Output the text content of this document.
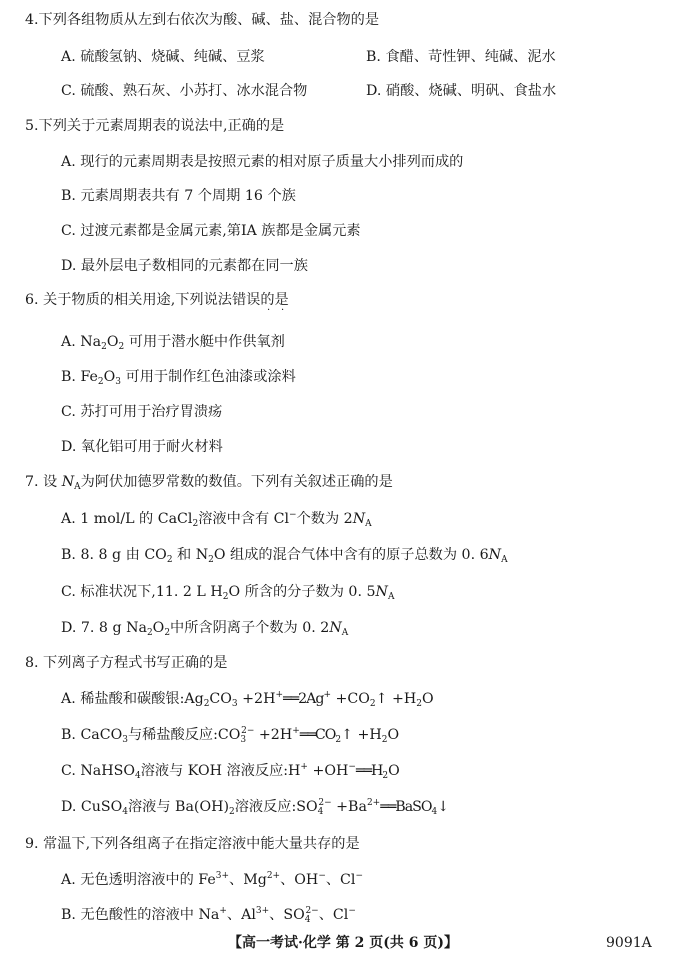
4.下列各组物质从左到右依次为酸、碱、盐、混合物的是
A. 硫酸氢钠、烧碱、纯碱、豆浆	B. 食醋、苛性钾、纯碱、泥水
C. 硫酸、熟石灰、小苏打、冰水混合物	D. 硝酸、烧碱、明矾、食盐水
5.下列关于元素周期表的说法中,正确的是
A. 现行的元素周期表是按照元素的相对原子质量大小排列而成的
B. 元素周期表共有 7 个周期 16 个族
C. 过渡元素都是金属元素,第ⅠA 族都是金属元素
D. 最外层电子数相同的元素都在同一族
6. 关于物质的相关用途,下列说法错误的是
· ·
A. $Na_2O_2$ 可用于潜水艇中作供氧剂
B. $Fe_2O_3$ 可用于制作红色油漆或涂料
C. 苏打可用于治疗胃溃疡
D. 氧化铝可用于耐火材料
7. 设 $N_A$为阿伏加德罗常数的数值。下列有关叙述正确的是
A. 1 mol/L 的 CaCl$_2$溶液中含有 Cl−个数为 $2N_A$
B. 8. 8 g 由 $CO_2$ 和 $N_2O$ 组成的混合气体中含有的原子总数为 0. $6N_A$
C. 标准状况下,11. 2 L $H_2O$ 所含的分子数为 0. $5N_A$
D. 7. 8 g $Na_2O_2$中所含阴离子个数为 0. $2N_A$
8. 下列离子方程式书写正确的是
A. 稀盐酸和碳酸银$:Ag_2CO_3$ +2H+══2Ag+ $+CO_2↑ +H_2O$
B. CaCO$_3$与稀盐酸反应$:CO_3^{2-}$ $+2H^+══CO_2↑ +H_2O$
C. NaHSO$_4$溶液与 KOH 溶液反应:H+ $+OH^-══H_2O$
D. CuSO$_4$溶液与 $Ba(OH)_2$溶液反应$:SO_4^{2-}$ $+Ba^{2+}══BaSO_4↓$
9. 常温下,下列各组离子在指定溶液中能大量共存的是
A. 无色透明溶液中的 $Fe^{3+}$、$Mg^{2+}$、OH−、Cl−
B. 无色酸性的溶液中 Na+、$Al^{3+}$、$SO_4^{2-}$、Cl−
【高一考试·化学 第 2 页(共 6 页)】	9091A
